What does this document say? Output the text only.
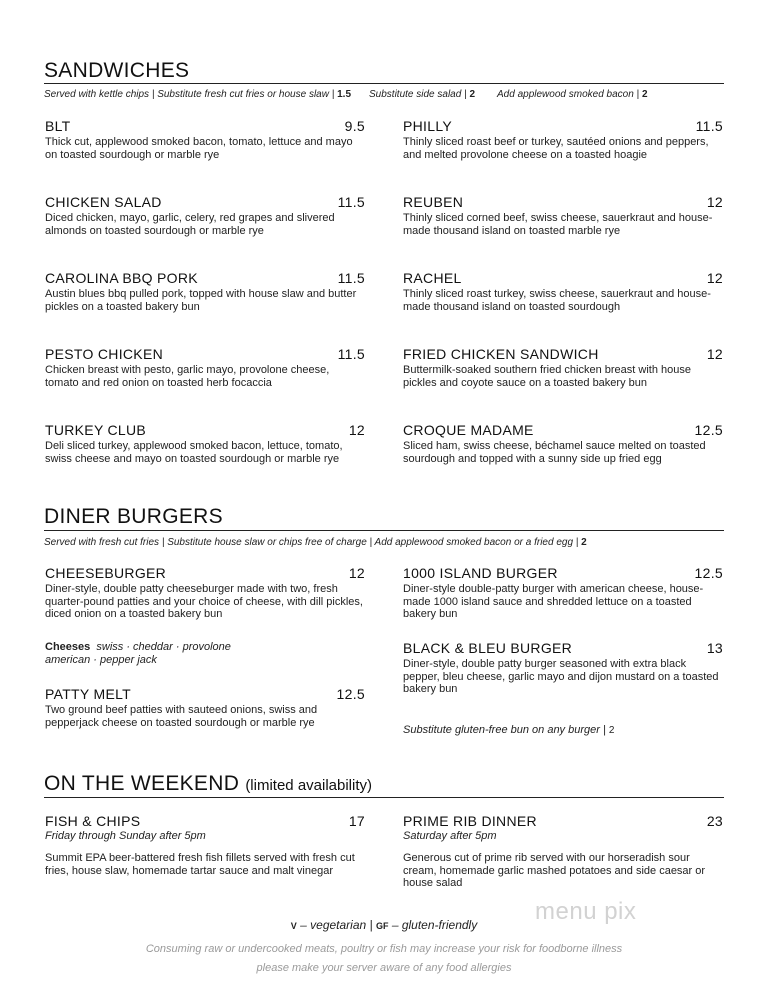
SANDWICHES
Served with kettle chips | Substitute fresh cut fries or house slaw | 1.5 Substitute side salad | 2 Add applewood smoked bacon | 2
BLT	9.5
Thick cut, applewood smoked bacon, tomato, lettuce and mayo on toasted sourdough or marble rye
PHILLY	11.5
Thinly sliced roast beef or turkey, sautéed onions and peppers, and melted provolone cheese on a toasted hoagie
CHICKEN SALAD	11.5
Diced chicken, mayo, garlic, celery, red grapes and slivered almonds on toasted sourdough or marble rye
REUBEN	12
Thinly sliced corned beef, swiss cheese, sauerkraut and house-made thousand island on toasted marble rye
CAROLINA BBQ PORK	11.5
Austin blues bbq pulled pork, topped with house slaw and butter pickles on a toasted bakery bun
RACHEL	12
Thinly sliced roast turkey, swiss cheese, sauerkraut and house-made thousand island on toasted sourdough
PESTO CHICKEN	11.5
Chicken breast with pesto, garlic mayo, provolone cheese, tomato and red onion on toasted herb focaccia
FRIED CHICKEN SANDWICH	12
Buttermilk-soaked southern fried chicken breast with house pickles and coyote sauce on a toasted bakery bun
TURKEY CLUB	12
Deli sliced turkey, applewood smoked bacon, lettuce, tomato, swiss cheese and mayo on toasted sourdough or marble rye
CROQUE MADAME	12.5
Sliced ham, swiss cheese, béchamel sauce melted on toasted sourdough and topped with a sunny side up fried egg
DINER BURGERS
Served with fresh cut fries | Substitute house slaw or chips free of charge | Add applewood smoked bacon or a fried egg | 2
CHEESEBURGER	12
Diner-style, double patty cheeseburger made with two, fresh quarter-pound patties and your choice of cheese, with dill pickles, diced onion on a toasted bakery bun
Cheeses swiss · cheddar · provolone
american · pepper jack
1000 ISLAND BURGER	12.5
Diner-style double-patty burger with american cheese, house-made 1000 island sauce and shredded lettuce on a toasted bakery bun
BLACK & BLEU BURGER	13
Diner-style, double patty burger seasoned with extra black pepper, bleu cheese, garlic mayo and dijon mustard on a toasted bakery bun
PATTY MELT	12.5
Two ground beef patties with sauteed onions, swiss and pepperjack cheese on toasted sourdough or marble rye
Substitute gluten-free bun on any burger | 2
ON THE WEEKEND (limited availability)
FISH & CHIPS	17
Friday through Sunday after 5pm
Summit EPA beer-battered fresh fish fillets served with fresh cut fries, house slaw, homemade tartar sauce and malt vinegar
PRIME RIB DINNER	23
Saturday after 5pm
Generous cut of prime rib served with our horseradish sour cream, homemade garlic mashed potatoes and side caesar or house salad
menu pix
V – vegetarian | GF – gluten-friendly
Consuming raw or undercooked meats, poultry or fish may increase your risk for foodborne illness
please make your server aware of any food allergies
